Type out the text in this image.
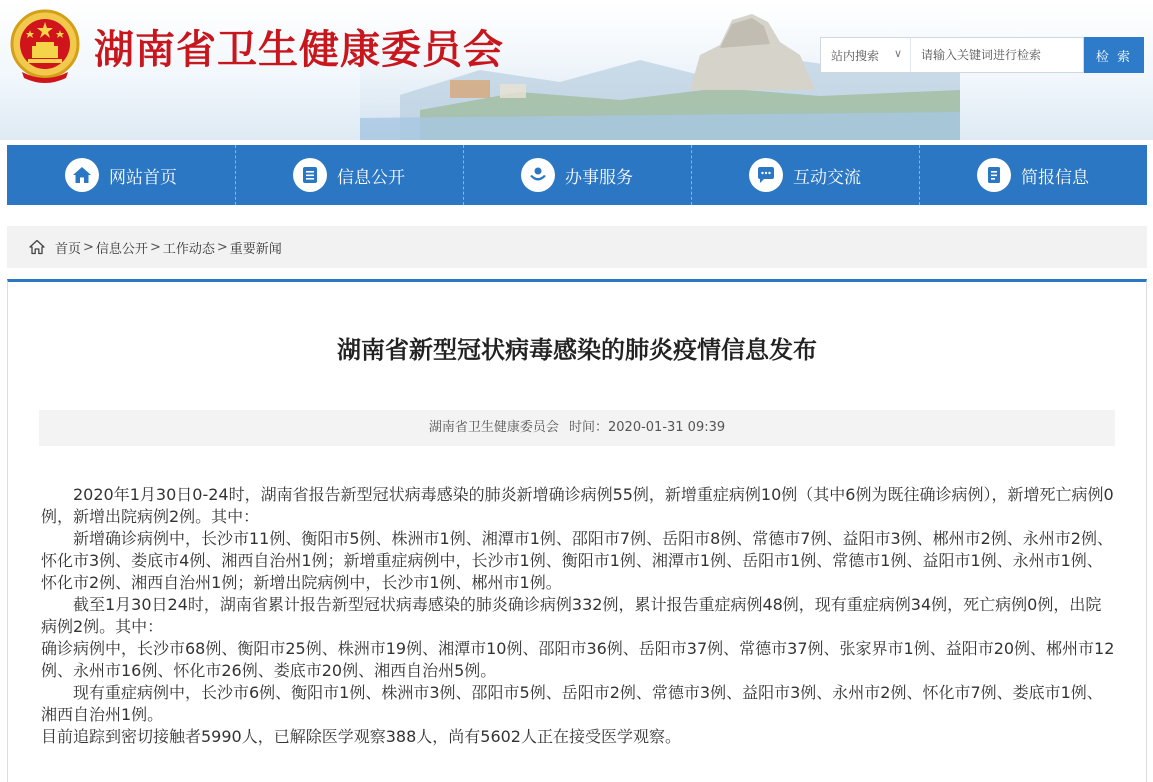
湖南省卫生健康委员会	站内搜索 ∨
请输入关键词进行检索	检 索
网站首页	信息公开	办事服务	互动交流	简报信息
首页 > 信息公开 > 工作动态 > 重要新闻
湖南省新型冠状病毒感染的肺炎疫情信息发布
湖南省卫生健康委员会 时间：2020-01-31 09:39

2020年1月30日0-24时，湖南省报告新型冠状病毒感染的肺炎新增确诊病例55例，新增重症病例10例（其中6例为既往确诊病例），新增死亡病例0例，新增出院病例2例。其中：

新增确诊病例中，长沙市11例、衡阳市5例、株洲市1例、湘潭市1例、邵阳市7例、岳阳市8例、常德市7例、益阳市3例、郴州市2例、永州市2例、怀化市3例、娄底市4例、湘西自治州1例；新增重症病例中，长沙市1例、衡阳市1例、湘潭市1例、岳阳市1例、常德市1例、益阳市1例、永州市1例、怀化市2例、湘西自治州1例；新增出院病例中，长沙市1例、郴州市1例。

截至1月30日24时，湖南省累计报告新型冠状病毒感染的肺炎确诊病例332例，累计报告重症病例48例，现有重症病例34例，死亡病例0例，出院病例2例。其中：

确诊病例中，长沙市68例、衡阳市25例、株洲市19例、湘潭市10例、邵阳市36例、岳阳市37例、常德市37例、张家界市1例、益阳市20例、郴州市12例、永州市16例、怀化市26例、娄底市20例、湘西自治州5例。

现有重症病例中，长沙市6例、衡阳市1例、株洲市3例、邵阳市5例、岳阳市2例、常德市3例、益阳市3例、永州市2例、怀化市7例、娄底市1例、湘西自治州1例。

目前追踪到密切接触者5990人，已解除医学观察388人，尚有5602人正在接受医学观察。
